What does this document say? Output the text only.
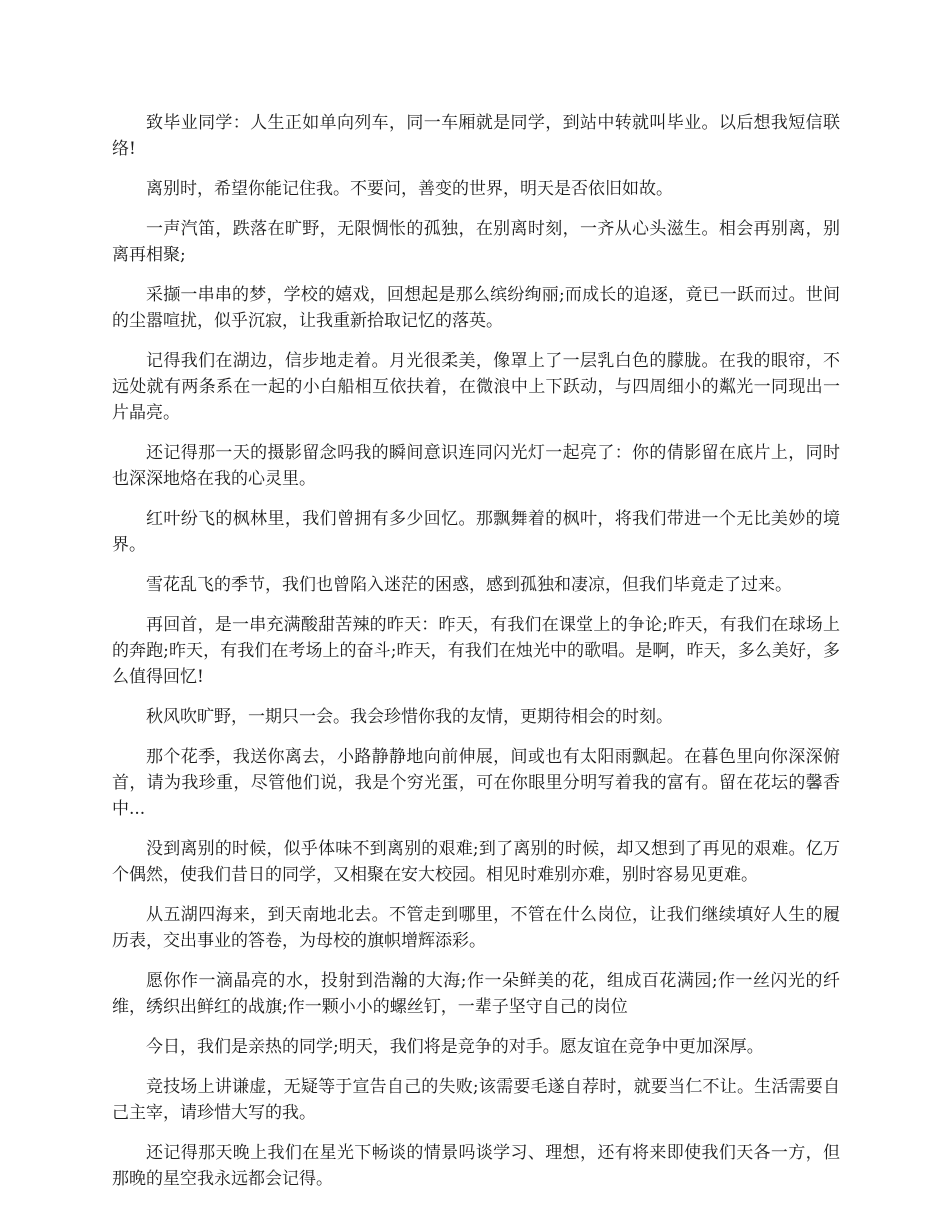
致毕业同学：人生正如单向列车，同一车厢就是同学，到站中转就叫毕业。以后想我短信联络!

离别时，希望你能记住我。不要问，善变的世界，明天是否依旧如故。

一声汽笛，跌落在旷野，无限惆怅的孤独，在别离时刻，一齐从心头滋生。相会再别离，别离再相聚;

采撷一串串的梦，学校的嬉戏，回想起是那么缤纷绚丽;而成长的追逐，竟已一跃而过。世间的尘嚣喧扰，似乎沉寂，让我重新拾取记忆的落英。

记得我们在湖边，信步地走着。月光很柔美，像罩上了一层乳白色的朦胧。在我的眼帘，不远处就有两条系在一起的小白船相互依扶着，在微浪中上下跃动，与四周细小的粼光一同现出一片晶亮。

还记得那一天的摄影留念吗我的瞬间意识连同闪光灯一起亮了：你的倩影留在底片上，同时也深深地烙在我的心灵里。

红叶纷飞的枫林里，我们曾拥有多少回忆。那飘舞着的枫叶，将我们带进一个无比美妙的境界。

雪花乱飞的季节，我们也曾陷入迷茫的困惑，感到孤独和凄凉，但我们毕竟走了过来。

再回首，是一串充满酸甜苦辣的昨天：昨天，有我们在课堂上的争论;昨天，有我们在球场上的奔跑;昨天，有我们在考场上的奋斗;昨天，有我们在烛光中的歌唱。是啊，昨天，多么美好，多么值得回忆!

秋风吹旷野，一期只一会。我会珍惜你我的友情，更期待相会的时刻。

那个花季，我送你离去，小路静静地向前伸展，间或也有太阳雨飘起。在暮色里向你深深俯首，请为我珍重，尽管他们说，我是个穷光蛋，可在你眼里分明写着我的富有。留在花坛的馨香中...

没到离别的时候，似乎体味不到离别的艰难;到了离别的时候，却又想到了再见的艰难。亿万个偶然，使我们昔日的同学，又相聚在安大校园。相见时难别亦难，别时容易见更难。

从五湖四海来，到天南地北去。不管走到哪里，不管在什么岗位，让我们继续填好人生的履历表，交出事业的答卷，为母校的旗帜增辉添彩。

愿你作一滴晶亮的水，投射到浩瀚的大海;作一朵鲜美的花，组成百花满园;作一丝闪光的纤维，绣织出鲜红的战旗;作一颗小小的螺丝钉，一辈子坚守自己的岗位

今日，我们是亲热的同学;明天，我们将是竞争的对手。愿友谊在竞争中更加深厚。

竞技场上讲谦虚，无疑等于宣告自己的失败;该需要毛遂自荐时，就要当仁不让。生活需要自己主宰，请珍惜大写的我。

还记得那天晚上我们在星光下畅谈的情景吗谈学习、理想，还有将来即使我们天各一方，但那晚的星空我永远都会记得。
